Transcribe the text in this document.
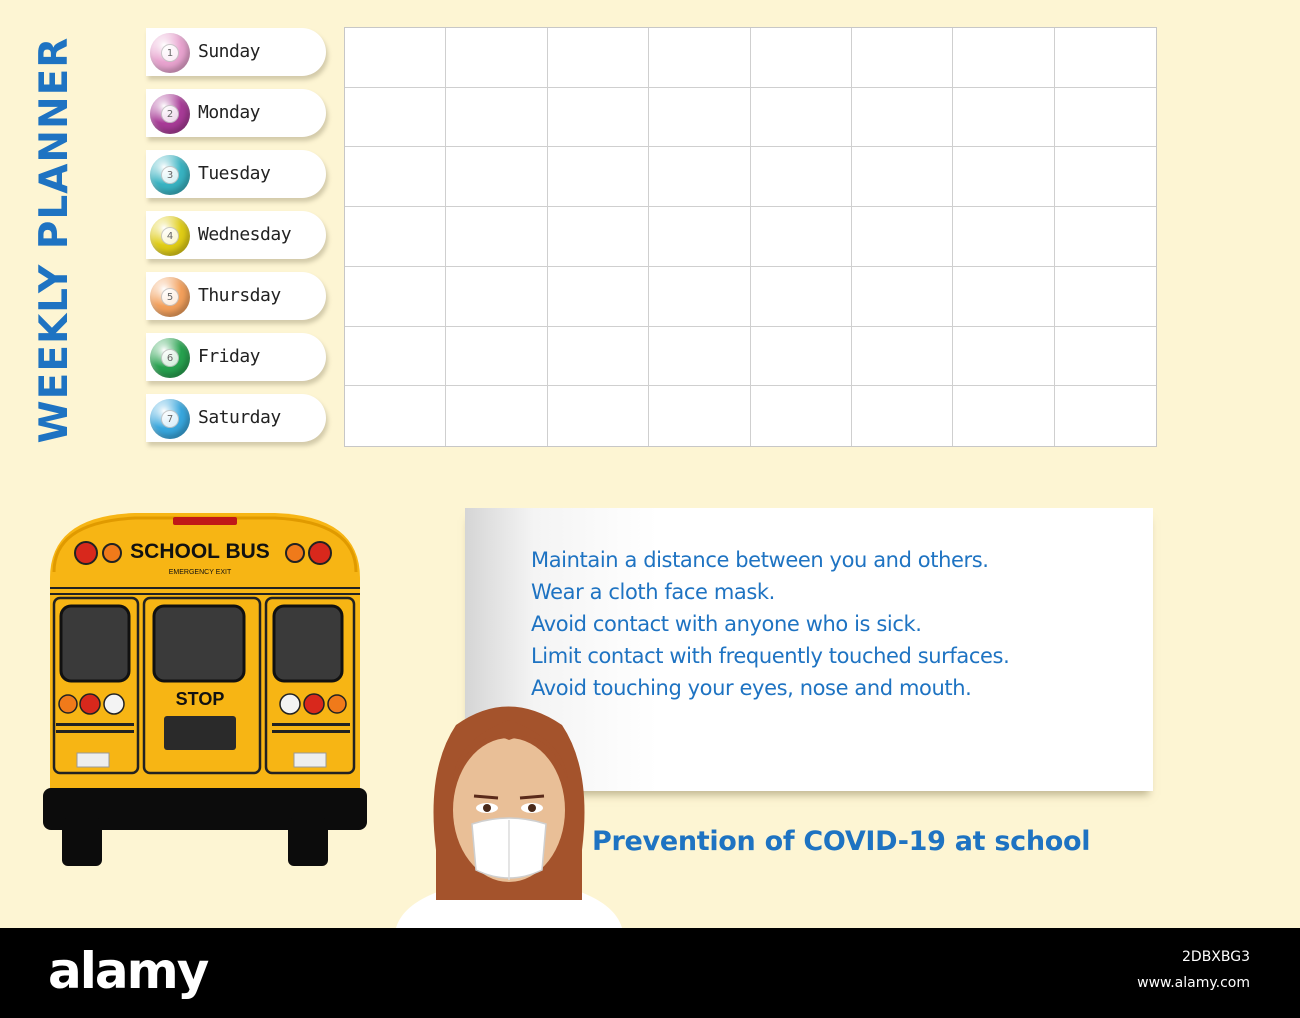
WEEKLY PLANNER	1	Sunday
2	Monday
3	Tuesday
4	Wednesday
5	Thursday
6	Friday
7	Saturday
Maintain a distance between you and others.
Wear a cloth face mask.
Avoid contact with anyone who is sick.
Limit contact with frequently touched surfaces.
Avoid touching your eyes, nose and mouth.
Prevention of COVID-19 at school
SCHOOL BUS
EMERGENCY EXIT
STOP
alamy	2DBXBG3
www.alamy.com
